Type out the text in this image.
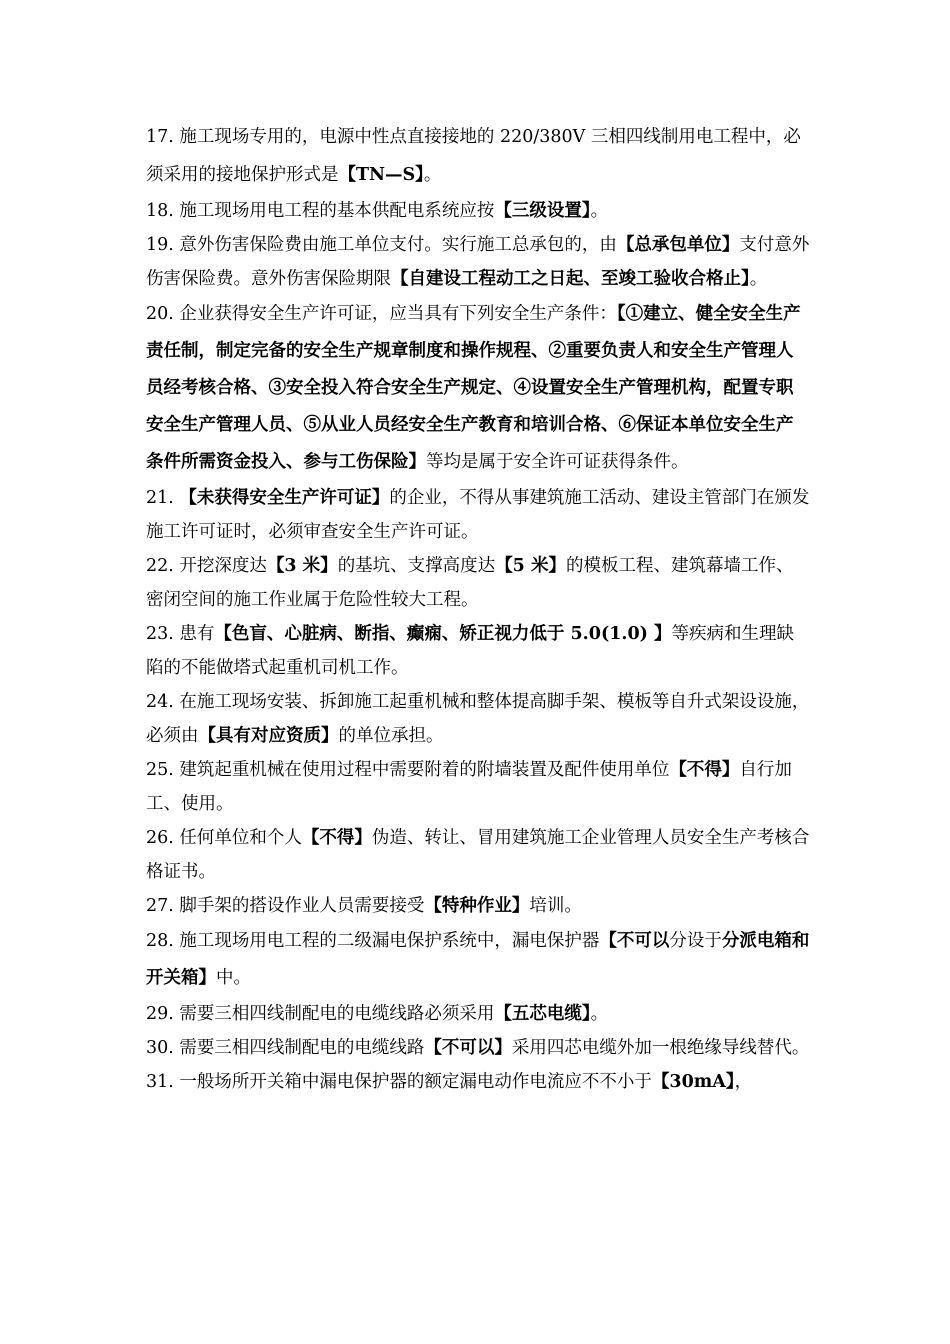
17. 施工现场专用的，电源中性点直接接地的 220/380V 三相四线制用电工程中，必须采用的接地保护形式是【TN—S】。

18. 施工现场用电工程的基本供配电系统应按【三级设置】。

19. 意外伤害保险费由施工单位支付。实行施工总承包的，由【总承包单位】支付意外伤害保险费。意外伤害保险期限【自建设工程动工之日起、至竣工验收合格止】。

20. 企业获得安全生产许可证，应当具有下列安全生产条件：【①建立、健全安全生产责任制，制定完备的安全生产规章制度和操作规程、②重要负责人和安全生产管理人员经考核合格、③安全投入符合安全生产规定、④设置安全生产管理机构，配置专职安全生产管理人员、⑤从业人员经安全生产教育和培训合格、⑥保证本单位安全生产条件所需资金投入、参与工伤保险】等均是属于安全许可证获得条件。

21. 【未获得安全生产许可证】的企业，不得从事建筑施工活动、建设主管部门在颁发施工许可证时，必须审查安全生产许可证。

22. 开挖深度达【3 米】的基坑、支撑高度达【5 米】的模板工程、建筑幕墙工作、密闭空间的施工作业属于危险性较大工程。

23. 患有【色盲、心脏病、断指、癫痫、矫正视力低于 5.0(1.0) 】等疾病和生理缺陷的不能做塔式起重机司机工作。

24. 在施工现场安装、拆卸施工起重机械和整体提高脚手架、模板等自升式架设设施，必须由【具有对应资质】的单位承担。

25. 建筑起重机械在使用过程中需要附着的附墙装置及配件使用单位【不得】自行加工、使用。

26. 任何单位和个人【不得】伪造、转让、冒用建筑施工企业管理人员安全生产考核合格证书。

27. 脚手架的搭设作业人员需要接受【特种作业】培训。

28. 施工现场用电工程的二级漏电保护系统中，漏电保护器【不可以分设于分派电箱和开关箱】中。

29. 需要三相四线制配电的电缆线路必须采用【五芯电缆】。

30. 需要三相四线制配电的电缆线路【不可以】采用四芯电缆外加一根绝缘导线替代。

31. 一般场所开关箱中漏电保护器的额定漏电动作电流应不不小于【30mA】，
